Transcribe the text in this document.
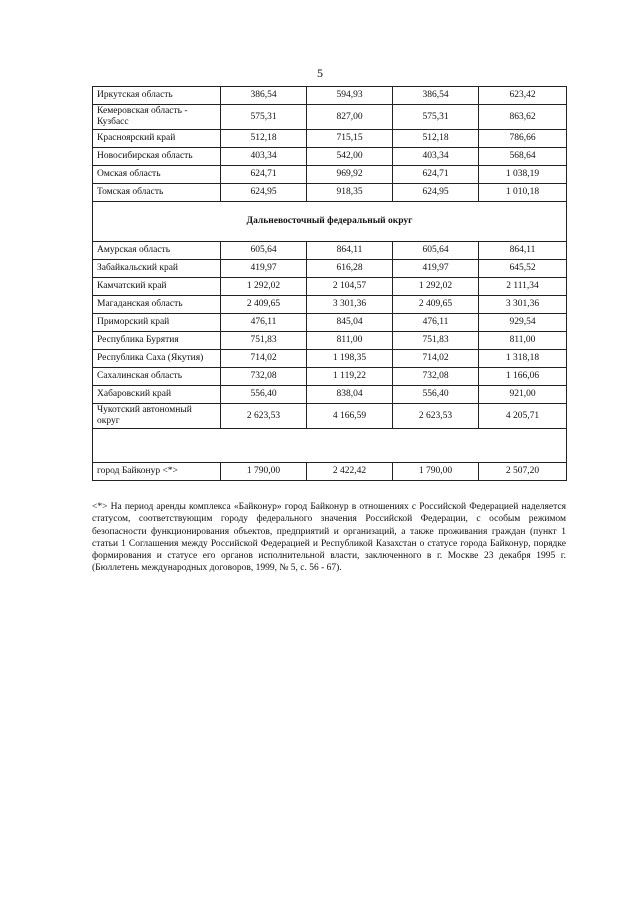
5
Иркутская область	386,54	594,93	386,54	623,42
Кемеровская область - Кузбасс	575,31	827,00	575,31	863,62
Красноярский край	512,18	715,15	512,18	786,66
Новосибирская область	403,34	542,00	403,34	568,64
Омская область	624,71	969,92	624,71	1 038,19
Томская область	624,95	918,35	624,95	1 010,18
Дальневосточный федеральный округ				
Амурская область	605,64	864,11	605,64	864,11
Забайкальский край	419,97	616,28	419,97	645,52
Камчатский край	1 292,02	2 104,57	1 292,02	2 111,34
Магаданская область	2 409,65	3 301,36	2 409,65	3 301,36
Приморский край	476,11	845,04	476,11	929,54
Республика Бурятия	751,83	811,00	751,83	811,00
Республика Саха (Якутия)	714,02	1 198,35	714,02	1 318,18
Сахалинская область	732,08	1 119,22	732,08	1 166,06
Хабаровский край	556,40	838,04	556,40	921,00
Чукотский автономный округ	2 623,53	4 166,59	2 623,53	4 205,71

город Байконур <*>	1 790,00	2 422,42	1 790,00	2 507,20
<*> На период аренды комплекса «Байконур» город Байконур в отношениях с Российской Федерацией наделяется статусом, соответствующим городу федерального значения Российской Федерации, с особым режимом безопасности функционирования объектов, предприятий и организаций, а также проживания граждан (пункт 1 статьи 1 Соглашения между Российской Федерацией и Республикой Казахстан о статусе города Байконур, порядке формирования и статусе его органов исполнительной власти, заключенного в г. Москве 23 декабря 1995 г. (Бюллетень международных договоров, 1999, № 5, с. 56 - 67).
